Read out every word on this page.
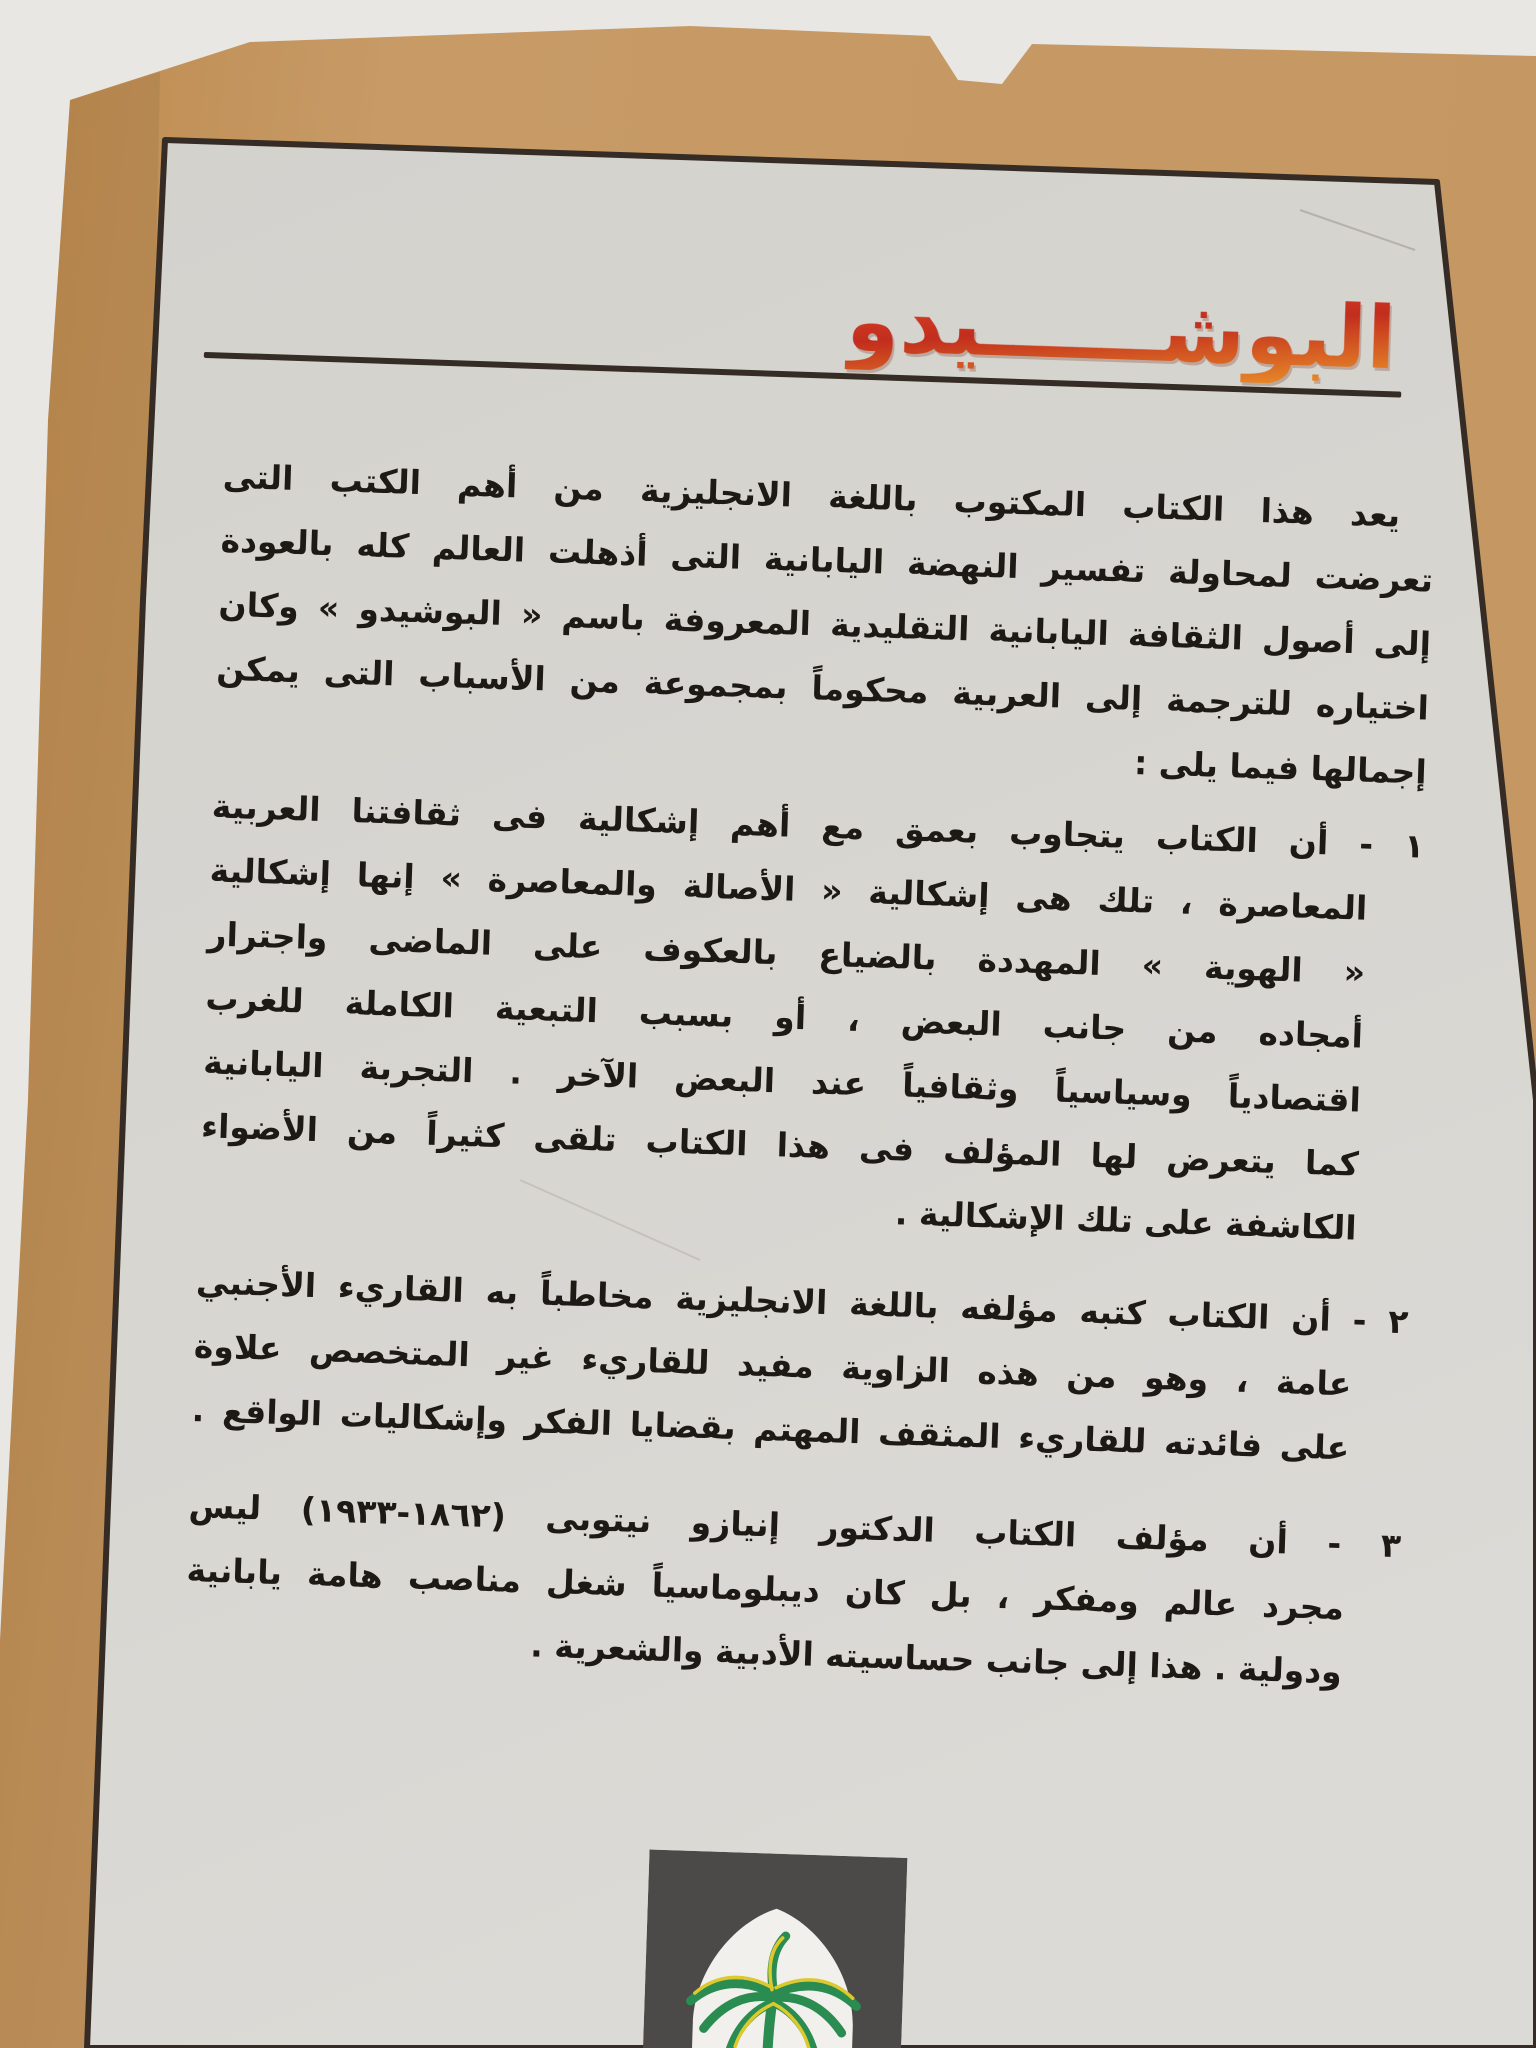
البوشــــــيدو
يعد هذا الكتاب المكتوب باللغة الانجليزية من أهم الكتب التى
تعرضت لمحاولة تفسير النهضة اليابانية التى أذهلت العالم كله بالعودة
إلى أصول الثقافة اليابانية التقليدية المعروفة باسم « البوشيدو » وكان
اختياره للترجمة إلى العربية محكوماً بمجموعة من الأسباب التى يمكن
إجمالها فيما يلى :
١ - أن الكتاب يتجاوب بعمق مع أهم إشكالية فى ثقافتنا العربية
المعاصرة ، تلك هى إشكالية « الأصالة والمعاصرة » إنها إشكالية
« الهوية » المهددة بالضياع بالعكوف على الماضى واجترار
أمجاده من جانب البعض ، أو بسبب التبعية الكاملة للغرب
اقتصادياً وسياسياً وثقافياً عند البعض الآخر . التجربة اليابانية
كما يتعرض لها المؤلف فى هذا الكتاب تلقى كثيراً من الأضواء
الكاشفة على تلك الإشكالية .
٢ - أن الكتاب كتبه مؤلفه باللغة الانجليزية مخاطباً به القاريء الأجنبي
عامة ، وهو من هذه الزاوية مفيد للقاريء غير المتخصص علاوة
على فائدته للقاريء المثقف المهتم بقضايا الفكر وإشكاليات الواقع .
٣ - أن مؤلف الكتاب الدكتور إنيازو نيتوبى (١٨٦٢-١٩٣٣) ليس
مجرد عالم ومفكر ، بل كان ديبلوماسياً شغل مناصب هامة يابانية
ودولية . هذا إلى جانب حساسيته الأدبية والشعرية .
